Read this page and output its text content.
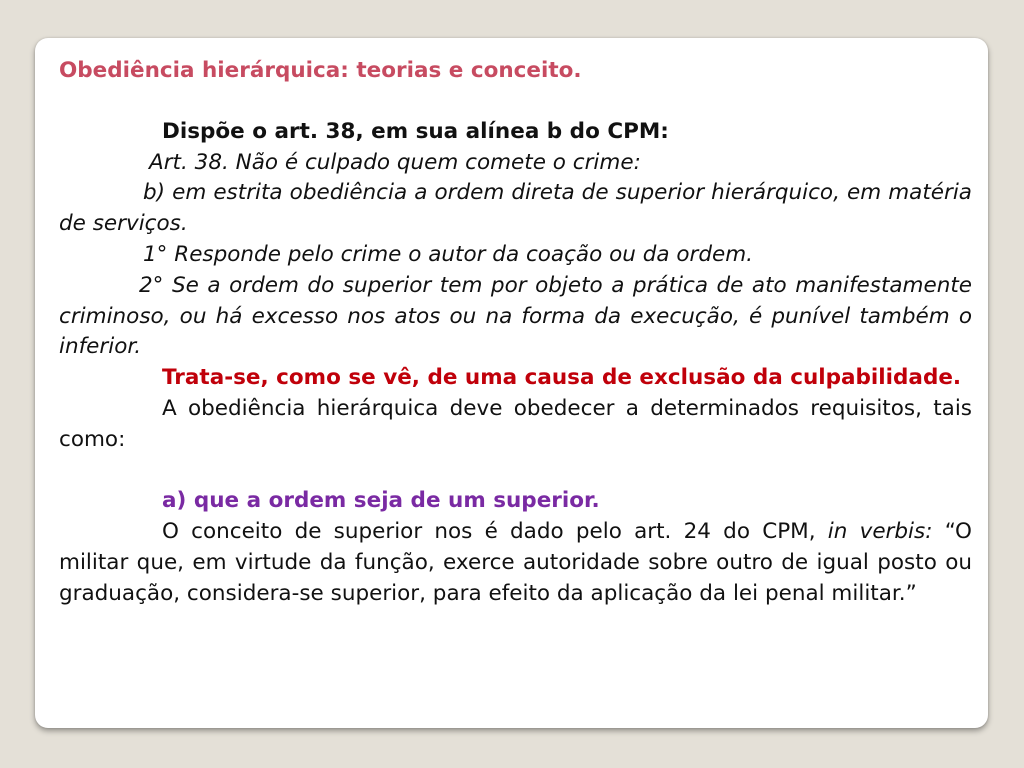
Obediência hierárquica: teorias e conceito.

Dispõe o art. 38, em sua alínea b do CPM:

Art. 38. Não é culpado quem comete o crime:

b) em estrita obediência a ordem direta de superior hierárquico, em matéria de serviços.

1° Responde pelo crime o autor da coação ou da ordem.

2° Se a ordem do superior tem por objeto a prática de ato manifestamente criminoso, ou há excesso nos atos ou na forma da execução, é punível também o inferior.

Trata-se, como se vê, de uma causa de exclusão da culpabilidade.

A obediência hierárquica deve obedecer a determinados requisitos, tais como:

a) que a ordem seja de um superior.

O conceito de superior nos é dado pelo art. 24 do CPM, in verbis: “O militar que, em virtude da função, exerce autoridade sobre outro de igual posto ou graduação, considera-se superior, para efeito da aplicação da lei penal militar.”
